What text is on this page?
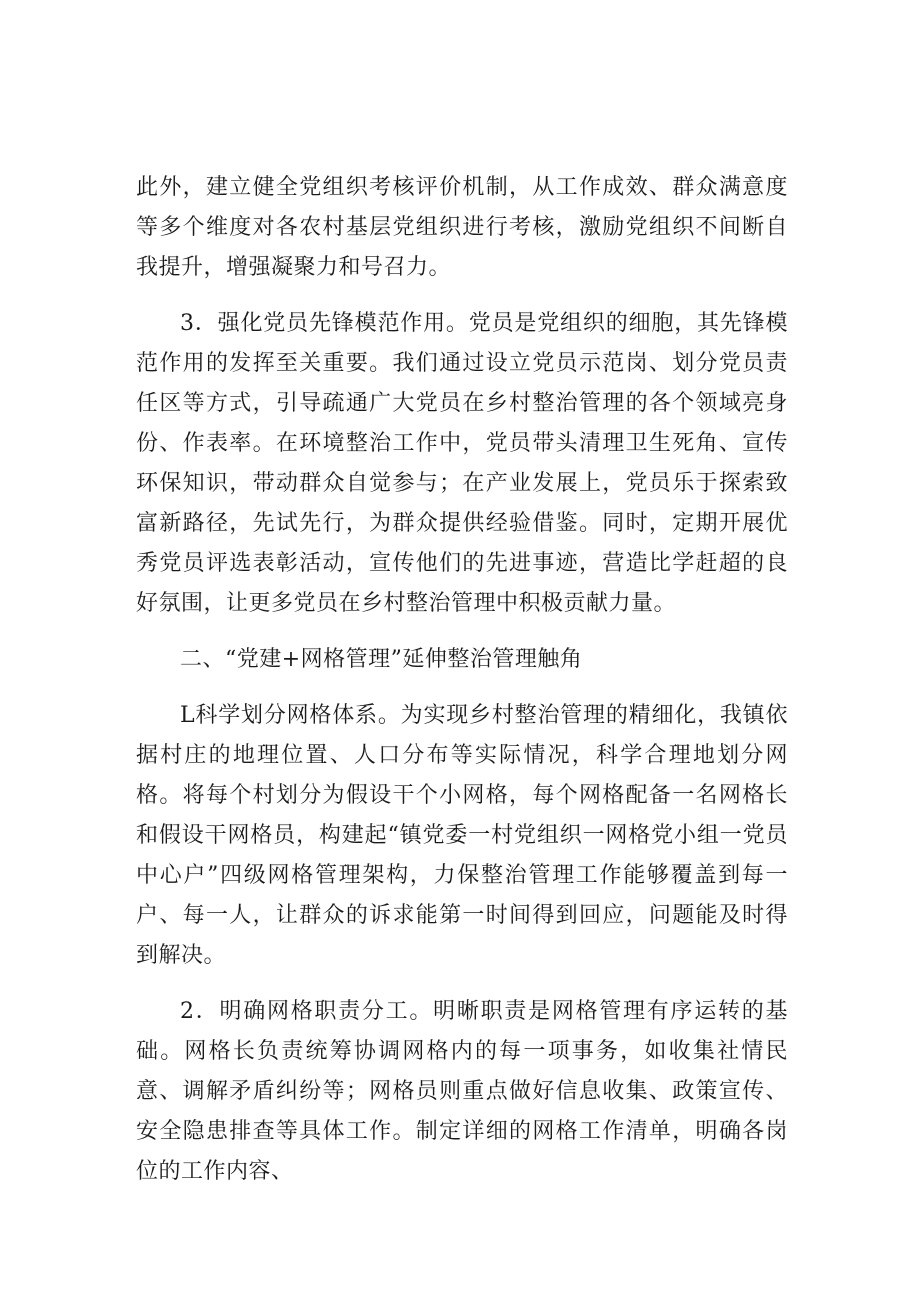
此外，建立健全党组织考核评价机制，从工作成效、群众满意度等多个维度对各农村基层党组织进行考核，激励党组织不间断自我提升，增强凝聚力和号召力。

3．强化党员先锋模范作用。党员是党组织的细胞，其先锋模范作用的发挥至关重要。我们通过设立党员示范岗、划分党员责任区等方式，引导疏通广大党员在乡村整治管理的各个领域亮身份、作表率。在环境整治工作中，党员带头清理卫生死角、宣传环保知识，带动群众自觉参与；在产业发展上，党员乐于探索致富新路径，先试先行，为群众提供经验借鉴。同时，定期开展优秀党员评选表彰活动，宣传他们的先进事迹，营造比学赶超的良好氛围，让更多党员在乡村整治管理中积极贡献力量。

二、“党建+网格管理”延伸整治管理触角

L科学划分网格体系。为实现乡村整治管理的精细化，我镇依据村庄的地理位置、人口分布等实际情况，科学合理地划分网格。将每个村划分为假设干个小网格，每个网格配备一名网格长和假设干网格员，构建起“镇党委一村党组织一网格党小组一党员中心户”四级网格管理架构，力保整治管理工作能够覆盖到每一户、每一人，让群众的诉求能第一时间得到回应，问题能及时得到解决。

2．明确网格职责分工。明晰职责是网格管理有序运转的基础。网格长负责统筹协调网格内的每一项事务，如收集社情民意、调解矛盾纠纷等；网格员则重点做好信息收集、政策宣传、安全隐患排查等具体工作。制定详细的网格工作清单，明确各岗位的工作内容、
